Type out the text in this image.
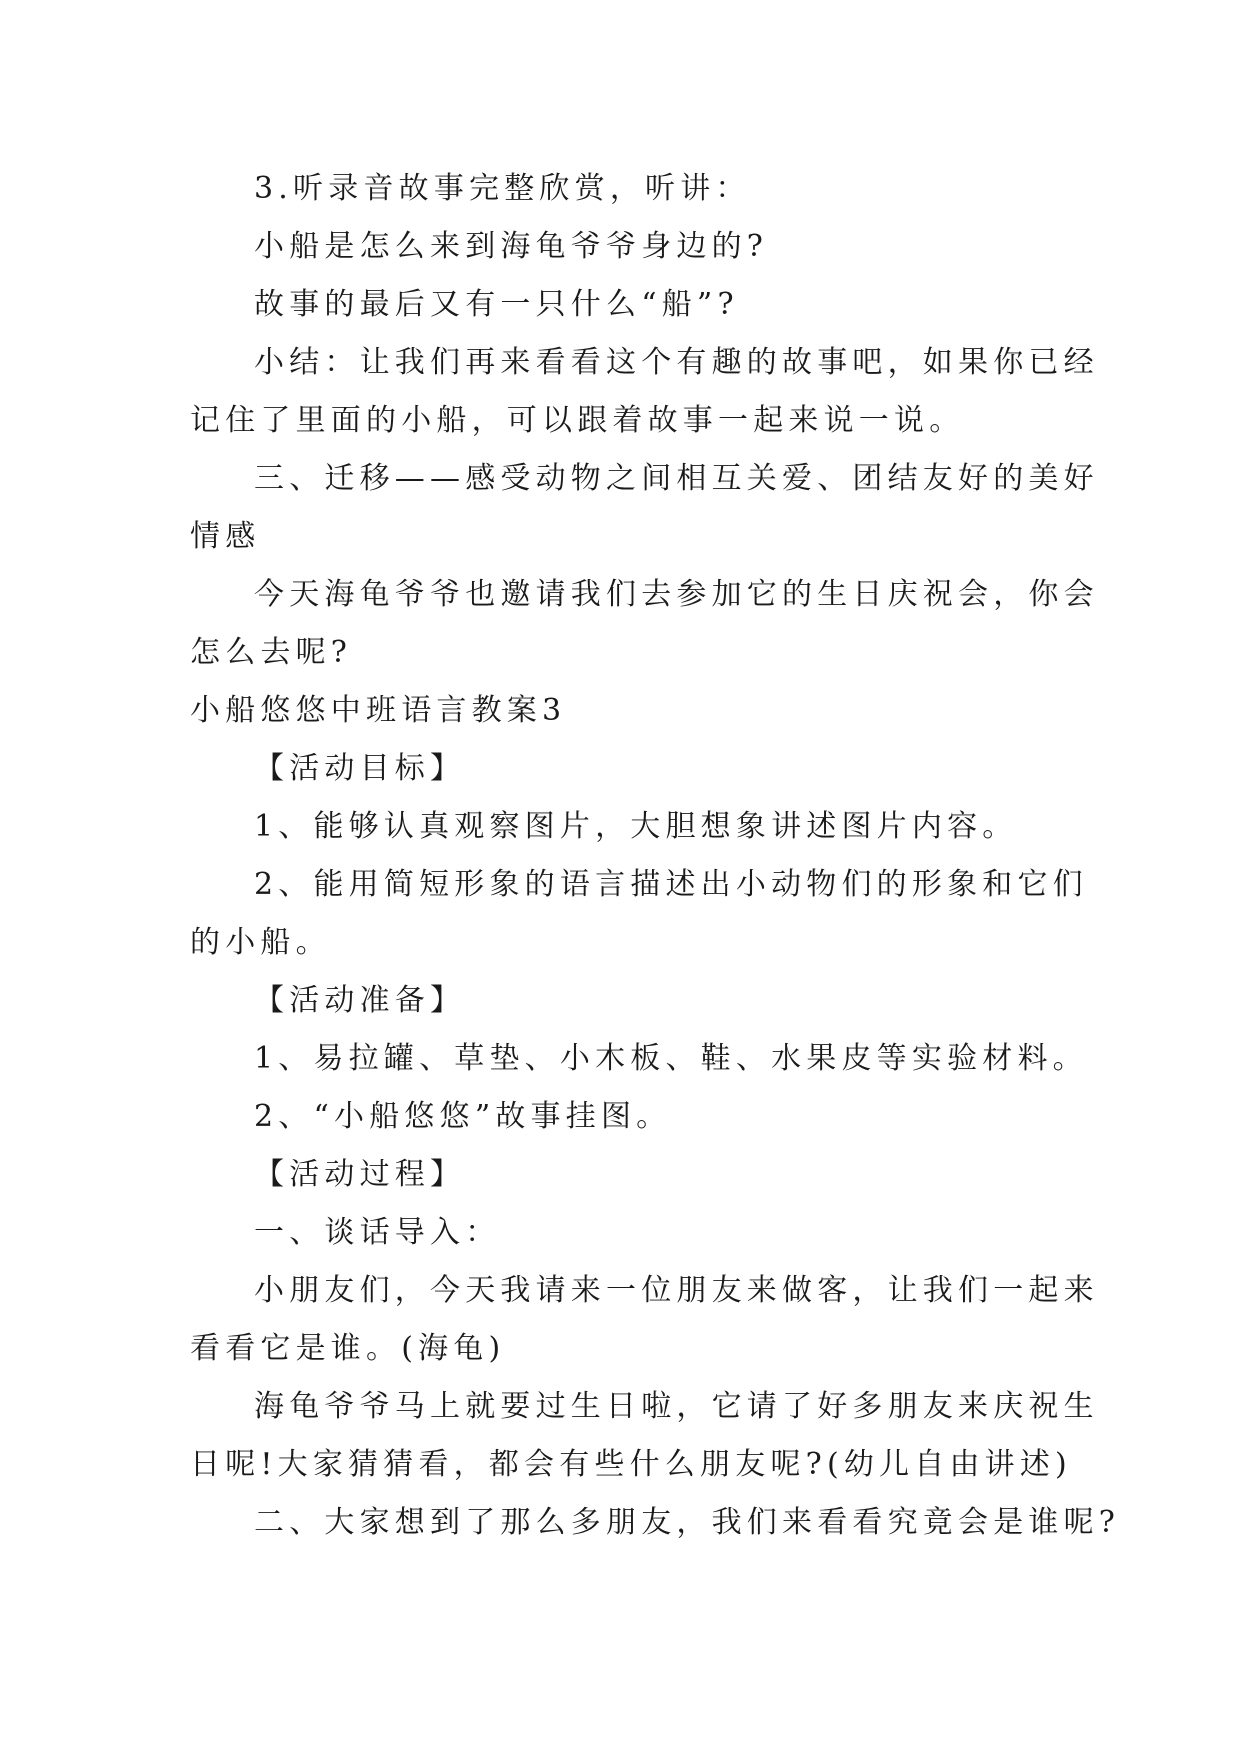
3.听录音故事完整欣赏，听讲：
小船是怎么来到海龟爷爷身边的?
故事的最后又有一只什么“船”?
小结：让我们再来看看这个有趣的故事吧，如果你已经
记住了里面的小船，可以跟着故事一起来说一说。
三、迁移——感受动物之间相互关爱、团结友好的美好
情感
今天海龟爷爷也邀请我们去参加它的生日庆祝会，你会
怎么去呢?
小船悠悠中班语言教案3
【活动目标】
1、能够认真观察图片，大胆想象讲述图片内容。
2、能用简短形象的语言描述出小动物们的形象和它们
的小船。
【活动准备】
1、易拉罐、草垫、小木板、鞋、水果皮等实验材料。
2、“小船悠悠”故事挂图。
【活动过程】
一、谈话导入：
小朋友们，今天我请来一位朋友来做客，让我们一起来
看看它是谁。(海龟)
海龟爷爷马上就要过生日啦，它请了好多朋友来庆祝生
日呢!大家猜猜看，都会有些什么朋友呢?(幼儿自由讲述)
二、大家想到了那么多朋友，我们来看看究竟会是谁呢?
